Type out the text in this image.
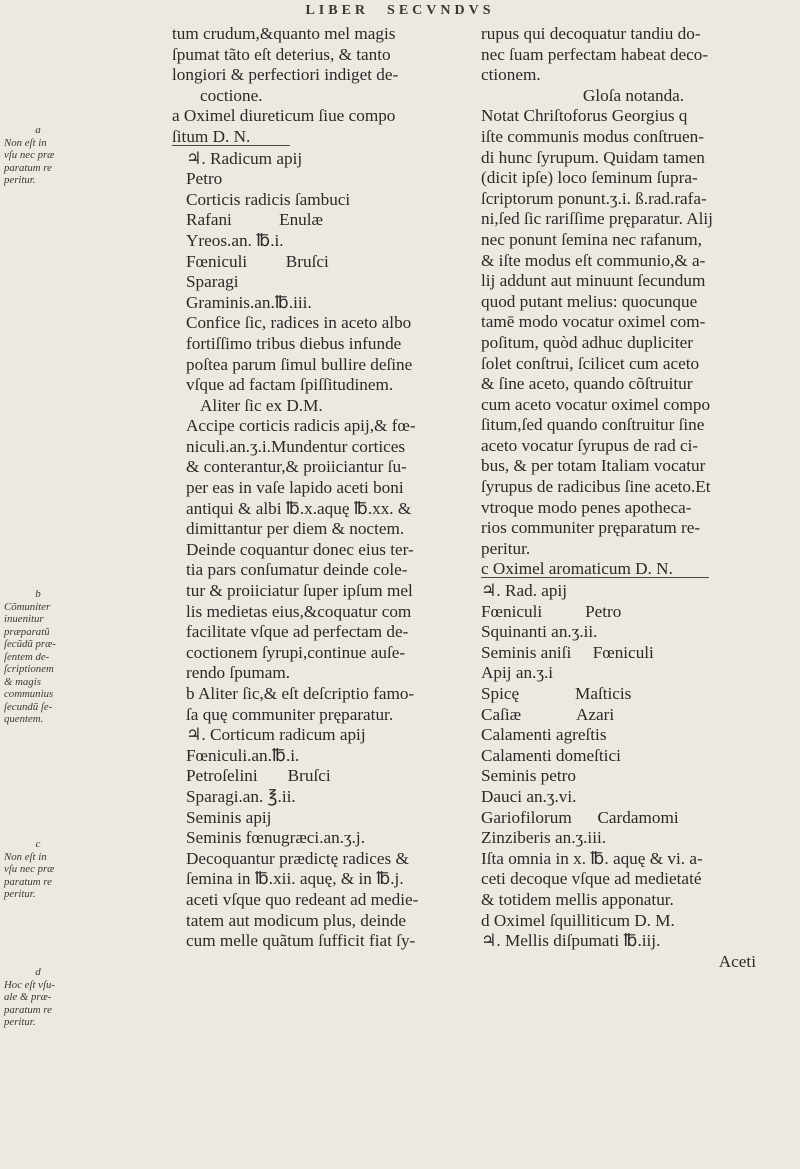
LIBER SECVNDVS
tum crudum,&quanto mel magis
ſpumat tãto eſt deterius, & tanto
longiori & perfectiori indiget de-
coctione.
a Oximel diureticum ſiue compo
ſitum D. N.
♃. Radicum apij
Petro
Corticis radicis ſambuci
Rafani           Enulæ
Yreos.an. ℔.i.
Fœniculi         Bruſci
Sparagi
Graminis.an.℔.iii.
Confice ſic, radices in aceto albo
fortiſſimo tribus diebus infunde
poſtea parum ſimul bullire deſine
vſque ad factam ſpiſſitudinem.
Aliter ſic ex D.M.
Accipe corticis radicis apij,& fœ-
niculi.an.ʒ.i.Mundentur cortices
& conterantur,& proiiciantur ſu-
per eas in vaſe lapido aceti boni
antiqui & albi ℔.x.aquę ℔.xx. &
dimittantur per diem & noctem.
Deinde coquantur donec eius ter-
tia pars conſumatur deinde cole-
tur & proiiciatur ſuper ipſum mel
lis medietas eius,&coquatur com
facilitate vſque ad perfectam de-
coctionem ſyrupi,continue auſe-
rendo ſpumam.
b Aliter ſic,& eſt deſcriptio famo-
ſa quę communiter pręparatur.
♃. Corticum radicum apij
Fœniculi.an.℔.i.
Petroſelini       Bruſci
Sparagi.an. ℥.ii.
Seminis apij
Seminis fœnugræci.an.ʒ.j.
Decoquantur prædictę radices &
ſemina in ℔.xii. aquę, & in ℔.j.
aceti vſque quo redeant ad medie-
tatem aut modicum plus, deinde
cum melle quãtum ſufficit fiat ſy-
rupus qui decoquatur tandiu do-
nec ſuam perfectam habeat deco-
ctionem.
Gloſa notanda.
Notat Chriſtoforus Georgius q
iſte communis modus conſtruen-
di hunc ſyrupum. Quidam tamen
(dicit ipſe) loco ſeminum ſupra-
ſcriptorum ponunt.ʒ.i. ß.rad.rafa-
ni,ſed ſic rariſſime pręparatur. Alij
nec ponunt ſemina nec rafanum,
& iſte modus eſt communio,& a-
lij addunt aut minuunt ſecundum
quod putant melius: quocunque
tamē modo vocatur oximel com-
poſitum, quòd adhuc dupliciter
ſolet conſtrui, ſcilicet cum aceto
& ſine aceto, quando cõſtruitur
cum aceto vocatur oximel compo
ſitum,ſed quando conſtruitur ſine
aceto vocatur ſyrupus de rad ci-
bus, & per totam Italiam vocatur
ſyrupus de radicibus ſine aceto.Et
vtroque modo penes apotheca-
rios communiter pręparatum re-
peritur.
c Oximel aromaticum D. N.
♃. Rad. apij
Fœniculi          Petro
Squinanti an.ʒ.ii.
Seminis aniſi     Fœniculi
Apij an.ʒ.i
Spicę             Maſticis
Caſiæ             Azari
Calamenti agreſtis
Calamenti domeſtici
Seminis petro
Dauci an.ʒ.vi.
Gariofilorum      Cardamomi
Zinziberis an.ʒ.iii.
Iſta omnia in x. ℔. aquę & vi. a-
ceti decoque vſque ad medietaté
& totidem mellis apponatur.
d Oximel ſquilliticum D. M.
♃. Mellis diſpumati ℔.iij.
Aceti
a
Non eſt in
vſu nec præ
paratum re
peritur.
b
Cõmuniter
inuenitur
præparatũ
ſecũdũ præ-
ſentem de-
ſcriptionem
& magis
communius
ſecundũ ſe-
quentem.
c
Non eſt in
vſu nec præ
paratum re
peritur.
d
Hoc eſt vſu-
ale & præ-
paratum re
peritur.
